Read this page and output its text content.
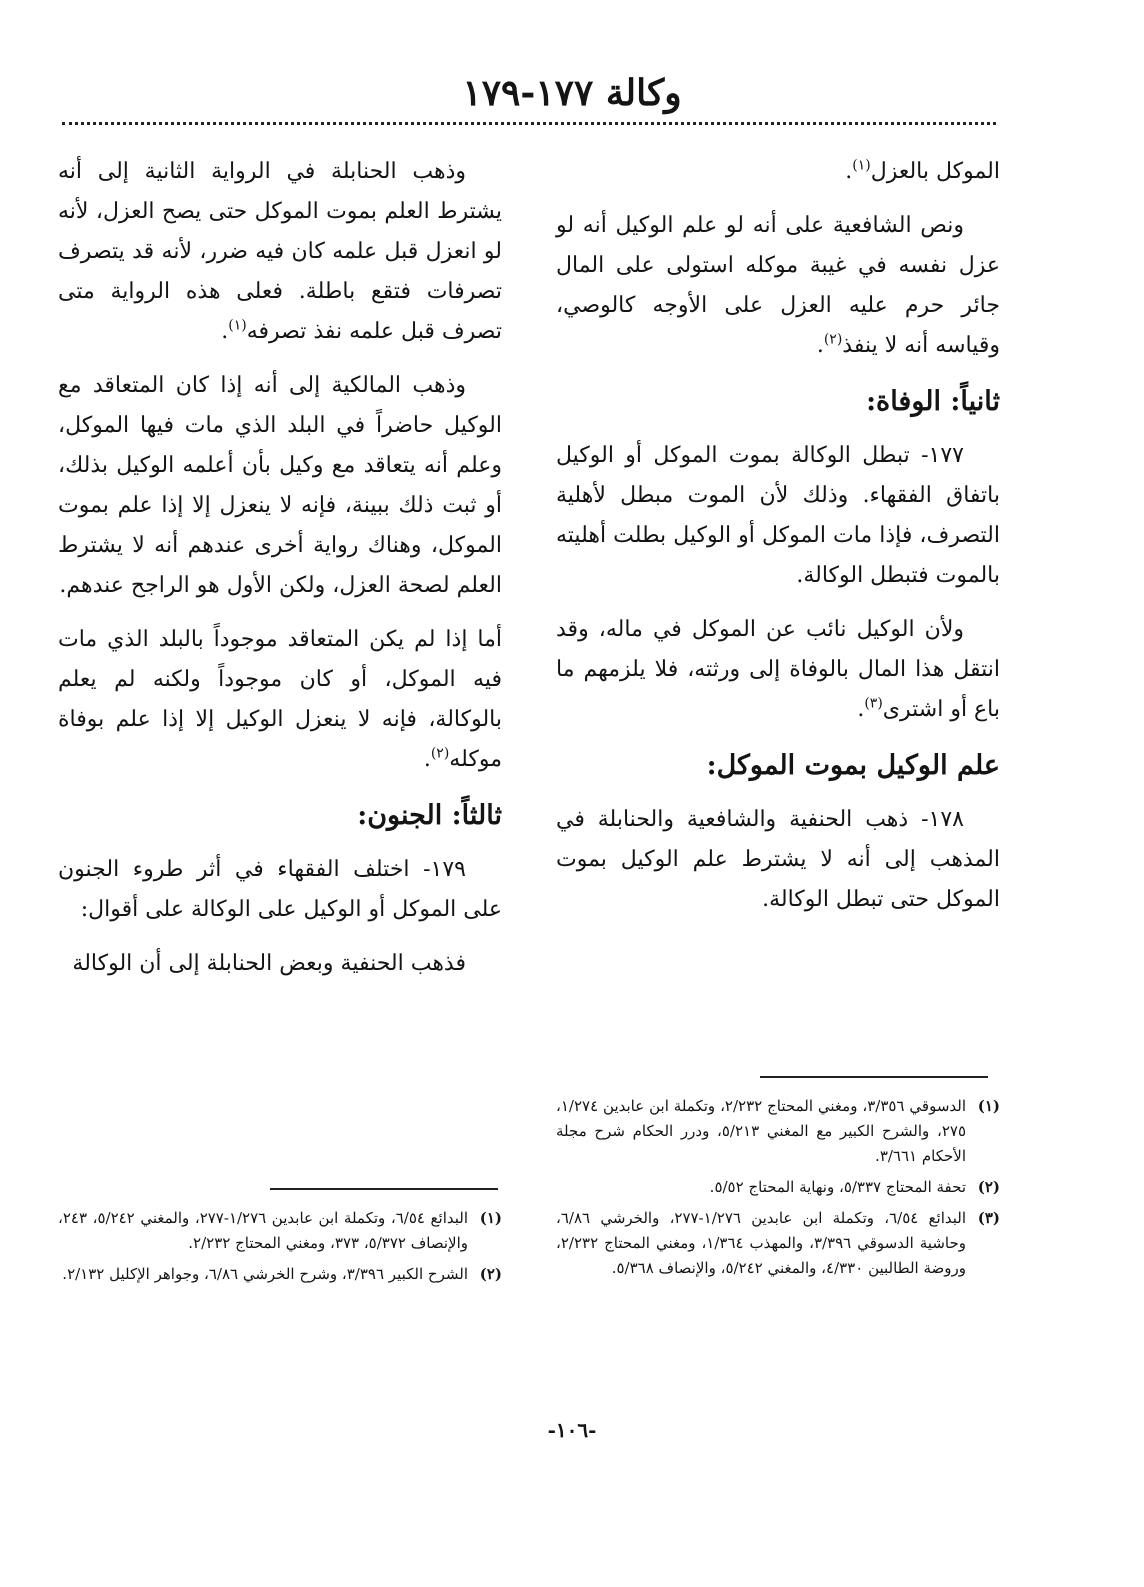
وكالة ١٧٧-١٧٩

الموكل بالعزل$^{(١)}$.

ونص الشافعية على أنه لو علم الوكيل أنه لو عزل نفسه في غيبة موكله استولى على المال جائر حرم عليه العزل على الأوجه كالوصي، وقياسه أنه لا ينفذ$^{(٢)}$.

ثانياً: الوفاة:

١٧٧- تبطل الوكالة بموت الموكل أو الوكيل باتفاق الفقهاء. وذلك لأن الموت مبطل لأهلية التصرف، فإذا مات الموكل أو الوكيل بطلت أهليته بالموت فتبطل الوكالة.

ولأن الوكيل نائب عن الموكل في ماله، وقد انتقل هذا المال بالوفاة إلى ورثته، فلا يلزمهم ما باع أو اشترى$^{(٣)}$.

علم الوكيل بموت الموكل:

١٧٨- ذهب الحنفية والشافعية والحنابلة في المذهب إلى أنه لا يشترط علم الوكيل بموت الموكل حتى تبطل الوكالة.

(١)
الدسوقي ٣/٣٥٦، ومغني المحتاج ٢/٢٣٢، وتكملة ابن عابدين ١/٢٧٤، ٢٧٥، والشرح الكبير مع المغني ٥/٢١٣، ودرر الحكام شرح مجلة الأحكام ٣/٦٦١.
(٢)
تحفة المحتاج ٥/٣٣٧، ونهاية المحتاج ٥/٥٢.
(٣)
البدائع ٦/٥٤، وتكملة ابن عابدين ١/٢٧٦-٢٧٧، والخرشي ٦/٨٦، وحاشية الدسوقي ٣/٣٩٦، والمهذب ١/٣٦٤، ومغني المحتاج ٢/٢٣٢، وروضة الطالبين ٤/٣٣٠، والمغني ٥/٢٤٢، والإنصاف ٥/٣٦٨.

وذهب الحنابلة في الرواية الثانية إلى أنه يشترط العلم بموت الموكل حتى يصح العزل، لأنه لو انعزل قبل علمه كان فيه ضرر، لأنه قد يتصرف تصرفات فتقع باطلة. فعلى هذه الرواية متى تصرف قبل علمه نفذ تصرفه$^{(١)}$.

وذهب المالكية إلى أنه إذا كان المتعاقد مع الوكيل حاضراً في البلد الذي مات فيها الموكل، وعلم أنه يتعاقد مع وكيل بأن أعلمه الوكيل بذلك، أو ثبت ذلك ببينة، فإنه لا ينعزل إلا إذا علم بموت الموكل، وهناك رواية أخرى عندهم أنه لا يشترط العلم لصحة العزل، ولكن الأول هو الراجح عندهم.

أما إذا لم يكن المتعاقد موجوداً بالبلد الذي مات فيه الموكل، أو كان موجوداً ولكنه لم يعلم بالوكالة، فإنه لا ينعزل الوكيل إلا إذا علم بوفاة موكله$^{(٢)}$.

ثالثاً: الجنون:

١٧٩- اختلف الفقهاء في أثر طروء الجنون على الموكل أو الوكيل على الوكالة على أقوال:

فذهب الحنفية وبعض الحنابلة إلى أن الوكالة

(١)
البدائع ٦/٥٤، وتكملة ابن عابدين ١/٢٧٦-٢٧٧، والمغني ٥/٢٤٢، ٢٤٣، والإنصاف ٥/٣٧٢، ٣٧٣، ومغني المحتاج ٢/٢٣٢.
(٢)
الشرح الكبير ٣/٣٩٦، وشرح الخرشي ٦/٨٦، وجواهر الإكليل ٢/١٣٢.
-١٠٦-
